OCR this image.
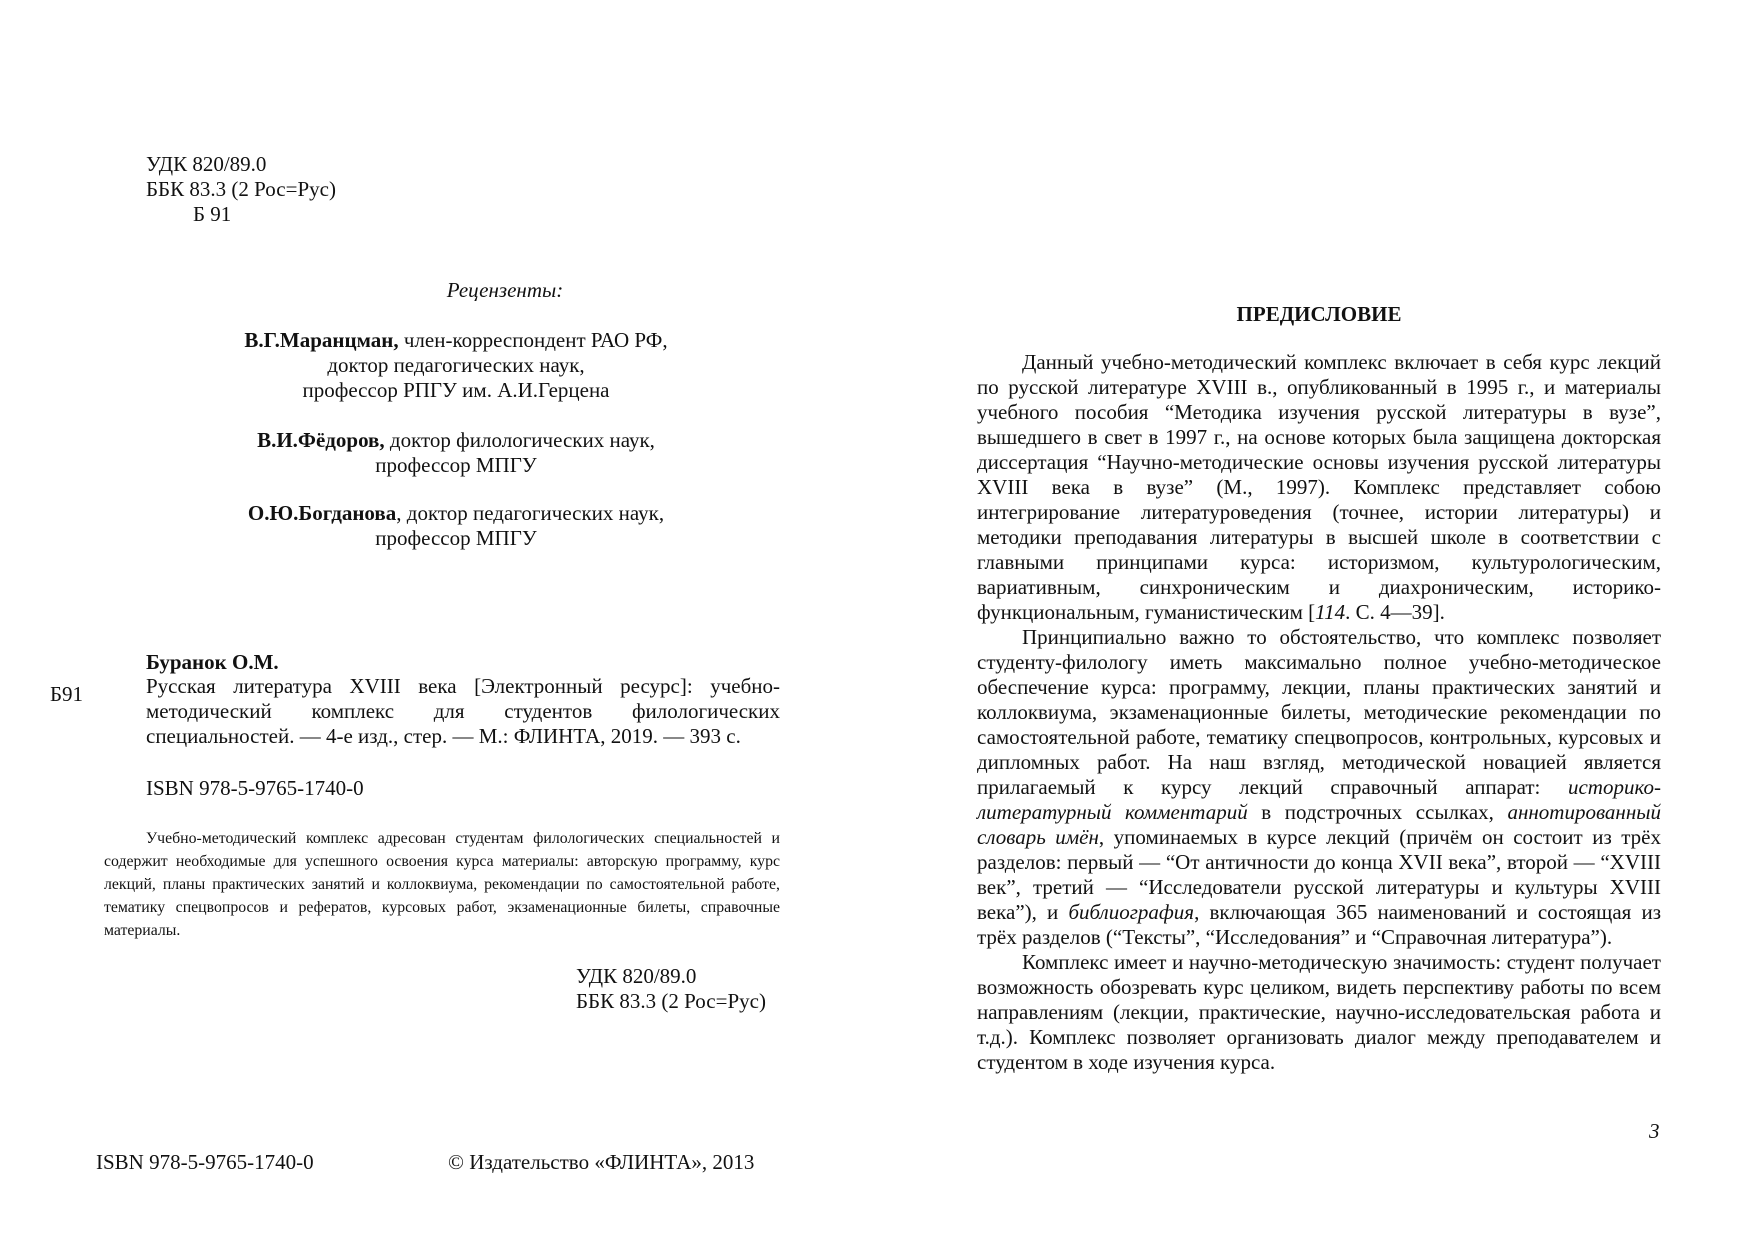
УДК 820/89.0
ББК 83.3 (2 Рос=Рус)
Б 91
Рецензенты:
В.Г.Маранцман, член-корреспондент РАО РФ,
доктор педагогических наук,
профессор РПГУ им. А.И.Герцена
В.И.Фёдоров, доктор филологических наук,
профессор МПГУ
О.Ю.Богданова, доктор педагогических наук,
профессор МПГУ
Буранок О.М.
Б91	Русская литература XVIII века [Электронный ресурс]: учебно-методический комплекс для студентов филологических специальностей. — 4-е изд., стер. — М.: ФЛИНТА, 2019. — 393 с.
ISBN 978-5-9765-1740-0
Учебно-методический комплекс адресован студентам филологических специальностей и содержит необходимые для успешного освоения курса материалы: авторскую программу, курс лекций, планы практических занятий и коллоквиума, рекомендации по самостоятельной работе, тематику спецвопросов и рефератов, курсовых работ, экзаменационные билеты, справочные материалы.
УДК 820/89.0
ББК 83.3 (2 Рос=Рус)
ISBN 978-5-9765-1740-0	© Издательство «ФЛИНТА», 2013
ПРЕДИСЛОВИЕ

Данный учебно-методический комплекс включает в себя курс лекций по русской литературе XVIII в., опубликованный в 1995 г., и материалы учебного пособия “Методика изучения русской литературы в вузе”, вышедшего в свет в 1997 г., на основе которых была защищена докторская диссертация “Научно-методические основы изучения русской литературы XVIII века в вузе” (М., 1997). Комплекс представляет собою интегрирование литературоведения (точнее, истории литературы) и методики преподавания литературы в высшей школе в соответствии с главными принципами курса: историзмом, культурологическим, вариативным, синхроническим и диахроническим, историко-функциональным, гуманистическим [114. С. 4—39].

Принципиально важно то обстоятельство, что комплекс позволяет студенту-филологу иметь максимально полное учебно-методическое обеспечение курса: программу, лекции, планы практических занятий и коллоквиума, экзаменационные билеты, методические рекомендации по самостоятельной работе, тематику спецвопросов, контрольных, курсовых и дипломных работ. На наш взгляд, методической новацией является прилагаемый к курсу лекций справочный аппарат: историко-литературный комментарий в подстрочных ссылках, аннотированный словарь имён, упоминаемых в курсе лекций (причём он состоит из трёх разделов: первый — “От античности до конца XVII века”, второй — “XVIII век”, третий — “Исследователи русской литературы и культуры XVIII века”), и библиография, включающая 365 наименований и состоящая из трёх разделов (“Тексты”, “Исследования” и “Справочная литература”).

Комплекс имеет и научно-методическую значимость: студент получает возможность обозревать курс целиком, видеть перспективу работы по всем направлениям (лекции, практические, научно-исследовательская работа и т.д.). Комплекс позволяет организовать диалог между преподавателем и студентом в ходе изучения курса.

3
